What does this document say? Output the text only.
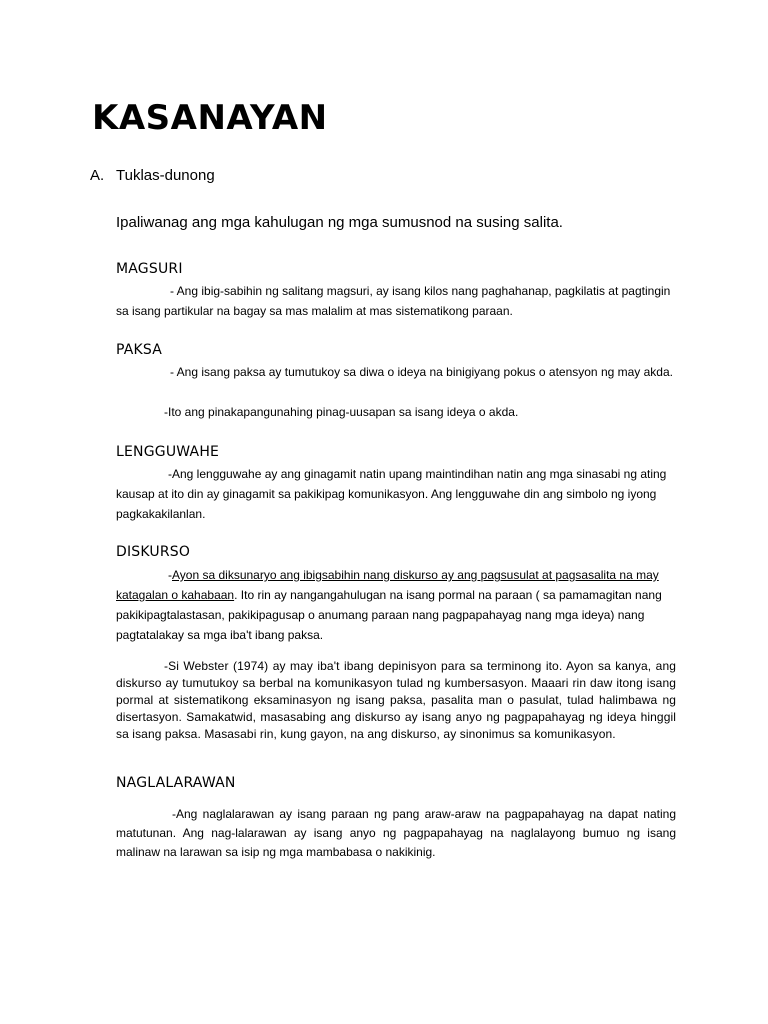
KASANAYAN
A. Tuklas-dunong
Ipaliwanag ang mga kahulugan ng mga sumusnod na susing salita.
MAGSURI

- Ang ibig-sabihin ng salitang magsuri, ay isang kilos nang paghahanap, pagkilatis at pagtingin sa isang partikular na bagay sa mas malalim at mas sistematikong paraan.

PAKSA

- Ang isang paksa ay tumutukoy sa diwa o ideya na binigiyang pokus o atensyon ng may akda.

-Ito ang pinakapangunahing pinag-uusapan sa isang ideya o akda.

LENGGUWAHE

-Ang lengguwahe ay ang ginagamit natin upang maintindihan natin ang mga sinasabi ng ating kausap at ito din ay ginagamit sa pakikipag komunikasyon. Ang lengguwahe din ang simbolo ng iyong pagkakakilanlan.

DISKURSO

-Ayon sa diksunaryo ang ibigsabihin nang diskurso ay ang pagsusulat at pagsasalita na may katagalan o kahabaan. Ito rin ay nangangahulugan na isang pormal na paraan ( sa pamamagitan nang pakikipagtalastasan, pakikipagusap o anumang paraan nang pagpapahayag nang mga ideya) nang pagtatalakay sa mga iba't ibang paksa.

-Si Webster (1974) ay may iba't ibang depinisyon para sa terminong ito. Ayon sa kanya, ang diskurso ay tumutukoy sa berbal na komunikasyon tulad ng kumbersasyon. Maaari rin daw itong isang pormal at sistematikong eksaminasyon ng isang paksa, pasalita man o pasulat, tulad halimbawa ng disertasyon. Samakatwid, masasabing ang diskurso ay isang anyo ng pagpapahayag ng ideya hinggil sa isang paksa. Masasabi rin, kung gayon, na ang diskurso, ay sinonimus sa komunikasyon.

NAGLALARAWAN

-Ang naglalarawan ay isang paraan ng pang araw-araw na pagpapahayag na dapat nating matutunan. Ang nag-lalarawan ay isang anyo ng pagpapahayag na naglalayong bumuo ng isang malinaw na larawan sa isip ng mga mambabasa o nakikinig.
